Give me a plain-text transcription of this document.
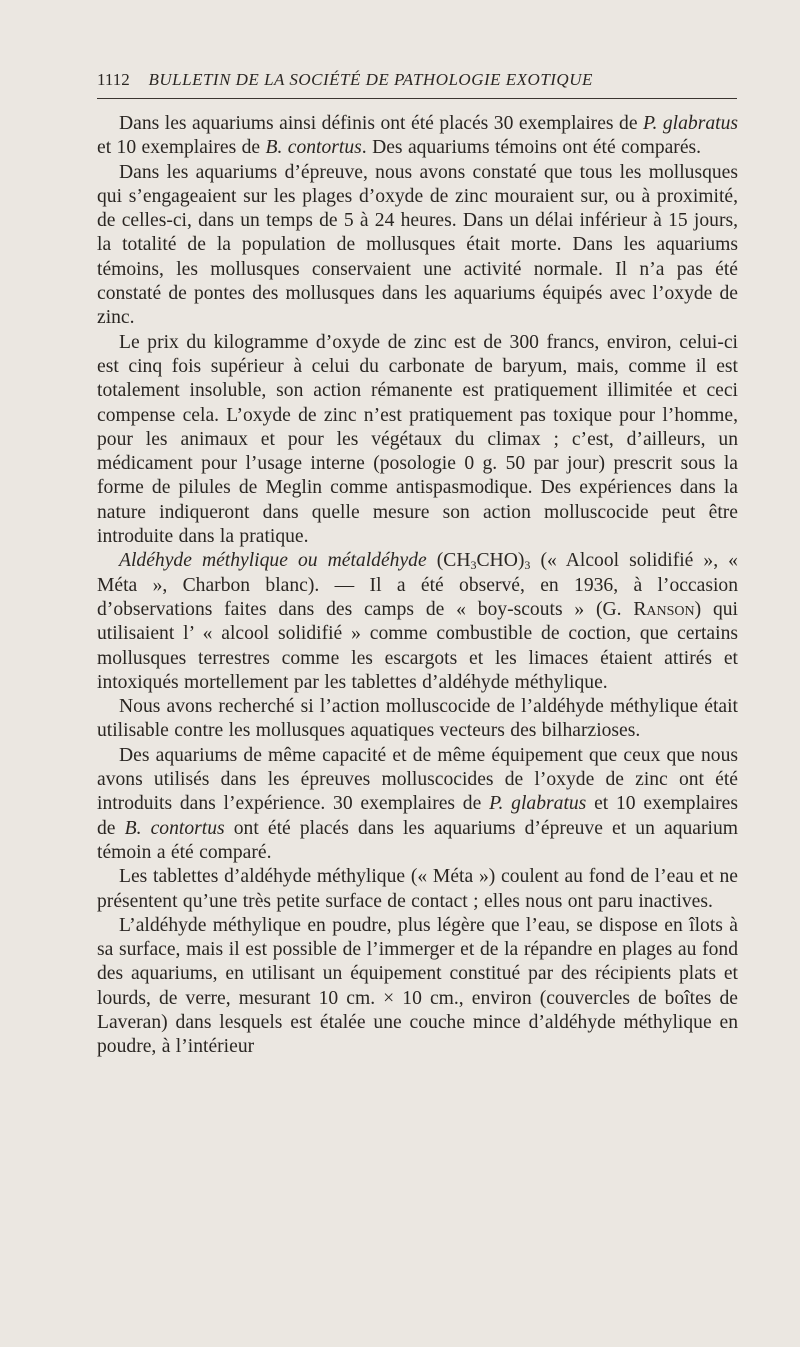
1112 BULLETIN DE LA SOCIÉTÉ DE PATHOLOGIE EXOTIQUE

Dans les aquariums ainsi définis ont été placés 30 exemplaires de P. glabratus et 10 exemplaires de B. contortus. Des aquariums témoins ont été comparés.

Dans les aquariums d’épreuve, nous avons constaté que tous les mollusques qui s’engageaient sur les plages d’oxyde de zinc mouraient sur, ou à proximité, de celles-ci, dans un temps de 5 à 24 heures. Dans un délai inférieur à 15 jours, la totalité de la population de mollusques était morte. Dans les aquariums témoins, les mollusques conservaient une activité normale. Il n’a pas été constaté de pontes des mollusques dans les aquariums équipés avec l’oxyde de zinc.

Le prix du kilogramme d’oxyde de zinc est de 300 francs, environ, celui-ci est cinq fois supérieur à celui du carbonate de baryum, mais, comme il est totalement insoluble, son action rémanente est pratiquement illimitée et ceci compense cela. L’oxyde de zinc n’est pratiquement pas toxique pour l’homme, pour les animaux et pour les végétaux du climax ; c’est, d’ailleurs, un médicament pour l’usage interne (posologie 0 g. 50 par jour) prescrit sous la forme de pilules de Meglin comme antispasmodique. Des expériences dans la nature indiqueront dans quelle mesure son action molluscocide peut être introduite dans la pratique.

Aldéhyde méthylique ou métaldéhyde $(CH_3CHO)_3$ (« Alcool solidifié », « Méta », Charbon blanc). — Il a été observé, en 1936, à l’occasion d’observations faites dans des camps de « boy-scouts » (G. Ranson) qui utilisaient l’ « alcool solidifié » comme combustible de coction, que certains mollusques terrestres comme les escargots et les limaces étaient attirés et intoxiqués mortellement par les tablettes d’aldéhyde méthylique.

Nous avons recherché si l’action molluscocide de l’aldéhyde méthylique était utilisable contre les mollusques aquatiques vecteurs des bilharzioses.

Des aquariums de même capacité et de même équipement que ceux que nous avons utilisés dans les épreuves molluscocides de l’oxyde de zinc ont été introduits dans l’expérience. 30 exemplaires de P. glabratus et 10 exemplaires de B. contortus ont été placés dans les aquariums d’épreuve et un aquarium témoin a été comparé.

Les tablettes d’aldéhyde méthylique (« Méta ») coulent au fond de l’eau et ne présentent qu’une très petite surface de contact ; elles nous ont paru inactives.

L’aldéhyde méthylique en poudre, plus légère que l’eau, se dispose en îlots à sa surface, mais il est possible de l’immerger et de la répandre en plages au fond des aquariums, en utilisant un équipement constitué par des récipients plats et lourds, de verre, mesurant 10 cm. × 10 cm., environ (couvercles de boîtes de Laveran) dans lesquels est étalée une couche mince d’aldéhyde méthylique en poudre, à l’intérieur
